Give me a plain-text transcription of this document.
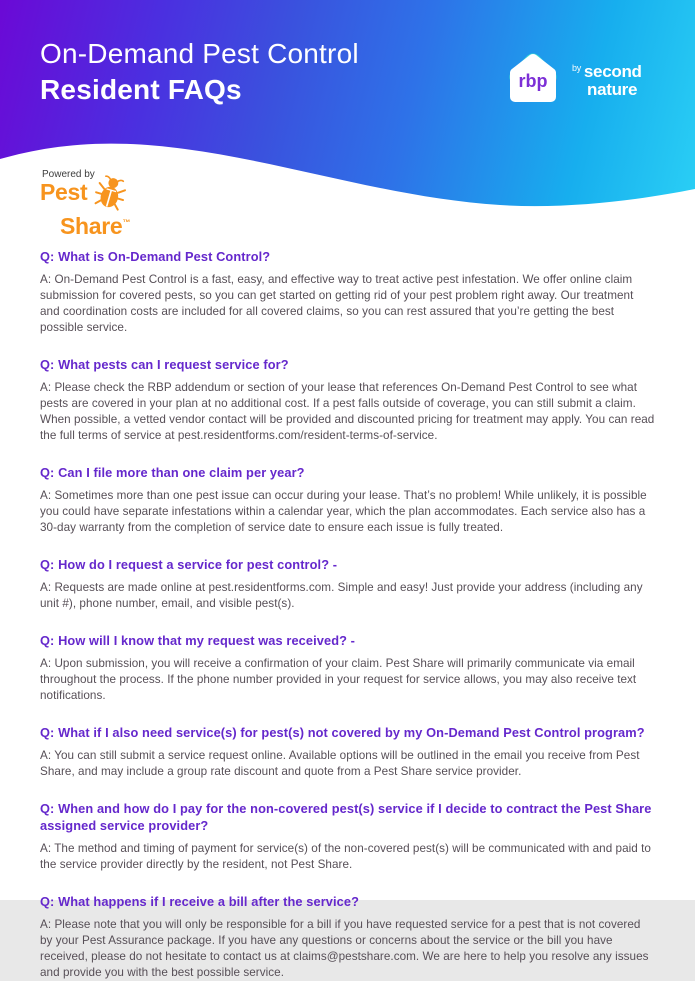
On-Demand Pest Control
Resident FAQs	rbp
$^{by}$ second
nature
Powered by
Pest
Share™

Q: What is On-Demand Pest Control?

A: On-Demand Pest Control is a fast, easy, and effective way to treat active pest infestation. We offer online claim submission for covered pests, so you can get started on getting rid of your pest problem right away. Our treatment and coordination costs are included for all covered claims, so you can rest assured that you’re getting the best possible service.

Q: What pests can I request service for?

A: Please check the RBP addendum or section of your lease that references On-Demand Pest Control to see what pests are covered in your plan at no additional cost. If a pest falls outside of coverage, you can still submit a claim. When possible, a vetted vendor contact will be provided and discounted pricing for treatment may apply. You can read the full terms of service at pest.residentforms.com/resident-terms-of-service.

Q: Can I file more than one claim per year?

A: Sometimes more than one pest issue can occur during your lease. That’s no problem! While unlikely, it is possible you could have separate infestations within a calendar year, which the plan accommodates. Each service also has a 30-day warranty from the completion of service date to ensure each issue is fully treated.

Q: How do I request a service for pest control? -

A: Requests are made online at pest.residentforms.com. Simple and easy! Just provide your address (including any unit #), phone number, email, and visible pest(s).

Q: How will I know that my request was received? -

A: Upon submission, you will receive a confirmation of your claim. Pest Share will primarily communicate via email throughout the process. If the phone number provided in your request for service allows, you may also receive text notifications.

Q: What if I also need service(s) for pest(s) not covered by my On-Demand Pest Control program?

A: You can still submit a service request online. Available options will be outlined in the email you receive from Pest Share, and may include a group rate discount and quote from a Pest Share service provider.

Q: When and how do I pay for the non-covered pest(s) service if I decide to contract the Pest Share assigned service provider?

A: The method and timing of payment for service(s) of the non-covered pest(s) will be communicated with and paid to the service provider directly by the resident, not Pest Share.

Q: What happens if I receive a bill after the service?

A: Please note that you will only be responsible for a bill if you have requested service for a pest that is not covered by your Pest Assurance package. If you have any questions or concerns about the service or the bill you have received, please do not hesitate to contact us at claims@pestshare.com. We are here to help you resolve any issues and provide you with the best possible service.
